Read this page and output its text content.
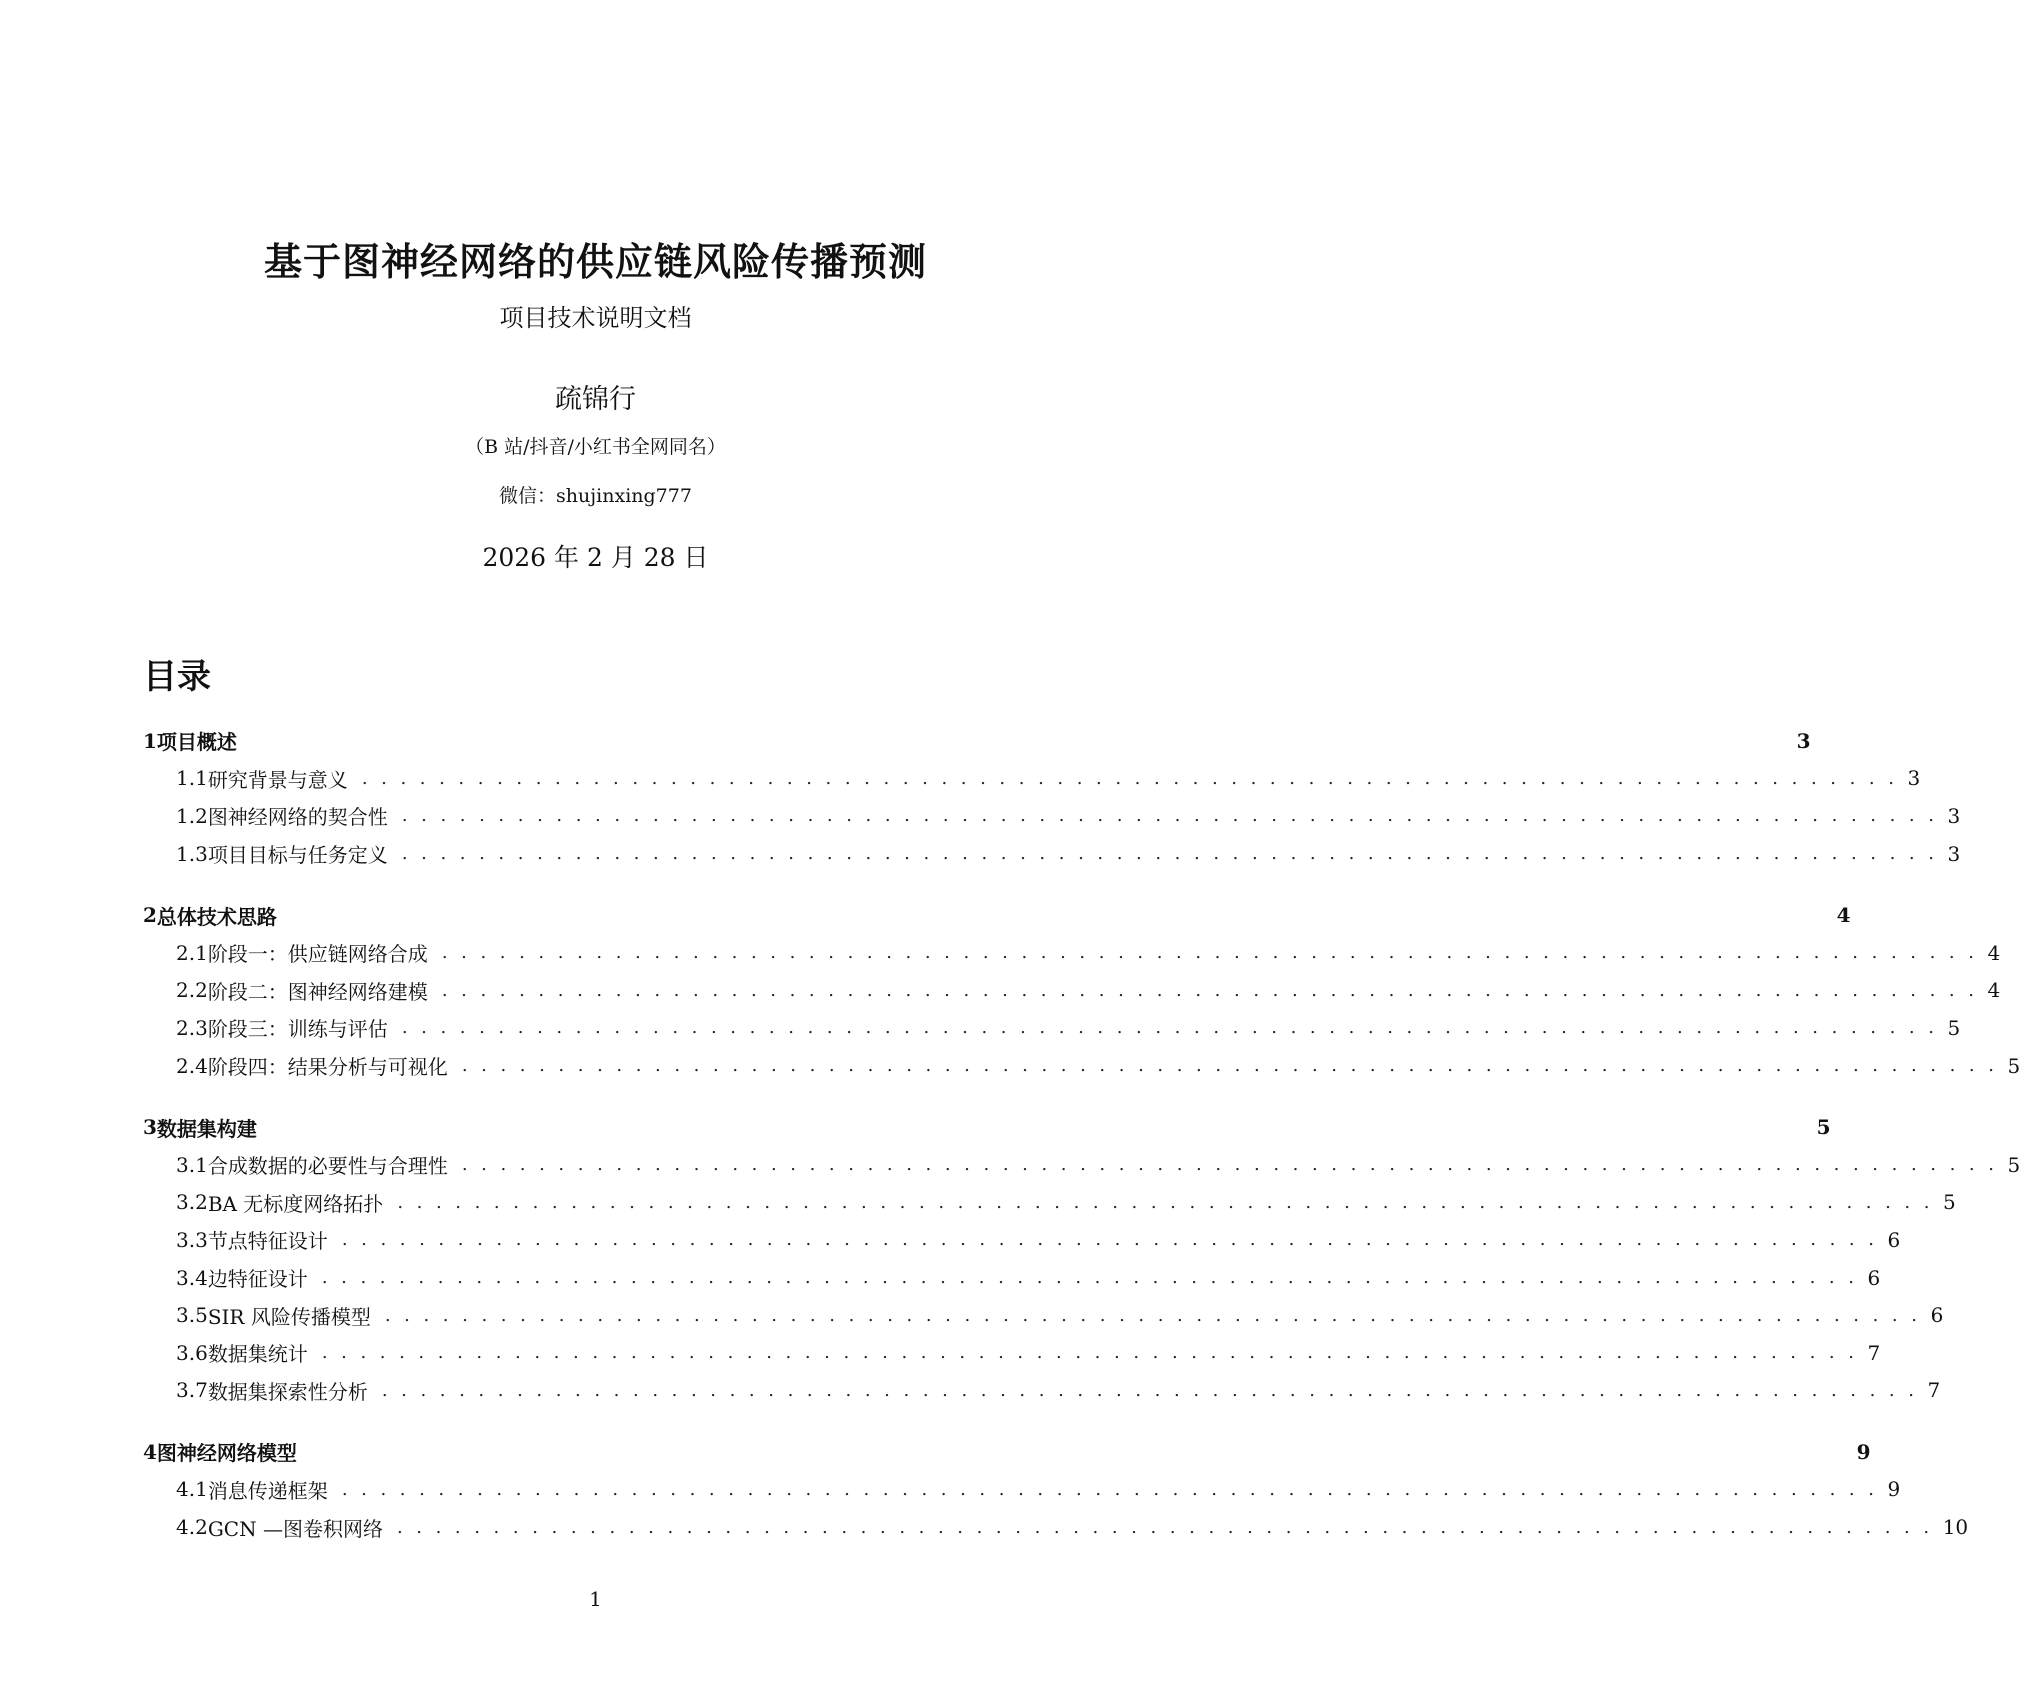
基于图神经网络的供应链风险传播预测
项目技术说明文档
疏锦行
（B 站/抖音/小红书全网同名）
微信：shujinxing777
2026 年 2 月 28 日
目录
1 项目概述	3
1.1 研究背景与意义 ................................................................................ 3
1.2 图神经网络的契合性 ................................................................................ 3
1.3 项目目标与任务定义 ................................................................................ 3
2 总体技术思路	4
2.1 阶段一：供应链网络合成 ................................................................................ 4
2.2 阶段二：图神经网络建模 ................................................................................ 4
2.3 阶段三：训练与评估 ................................................................................ 5
2.4 阶段四：结果分析与可视化 ................................................................................ 5
3 数据集构建	5
3.1 合成数据的必要性与合理性 ................................................................................ 5
3.2 BA 无标度网络拓扑 ................................................................................ 5
3.3 节点特征设计 ................................................................................ 6
3.4 边特征设计 ................................................................................ 6
3.5 SIR 风险传播模型 ................................................................................ 6
3.6 数据集统计 ................................................................................ 7
3.7 数据集探索性分析 ................................................................................ 7
4 图神经网络模型	9
4.1 消息传递框架 ................................................................................ 9
4.2 GCN —图卷积网络 ................................................................................ 10
1
